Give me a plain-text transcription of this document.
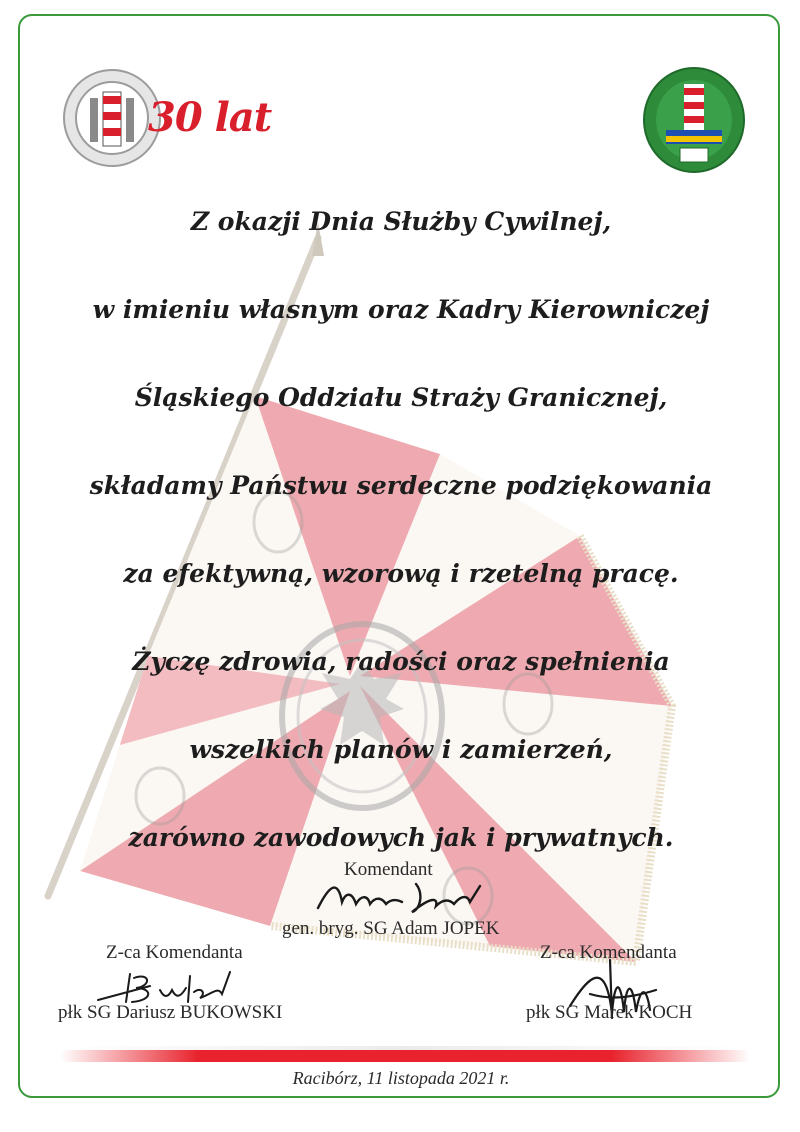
30 lat
Z okazji Dnia Służby Cywilnej,
w imieniu własnym oraz Kadry Kierowniczej
Śląskiego Oddziału Straży Granicznej,
składamy Państwu serdeczne podziękowania
za efektywną, wzorową i rzetelną pracę.
Życzę zdrowia, radości oraz spełnienia
wszelkich planów i zamierzeń,
zarówno zawodowych jak i prywatnych.
Komendant
gen. bryg. SG Adam JOPEK
Z-ca Komendanta
płk SG Dariusz BUKOWSKI
Z-ca Komendanta
płk SG Marek KOCH
Racibórz, 11 listopada 2021 r.
